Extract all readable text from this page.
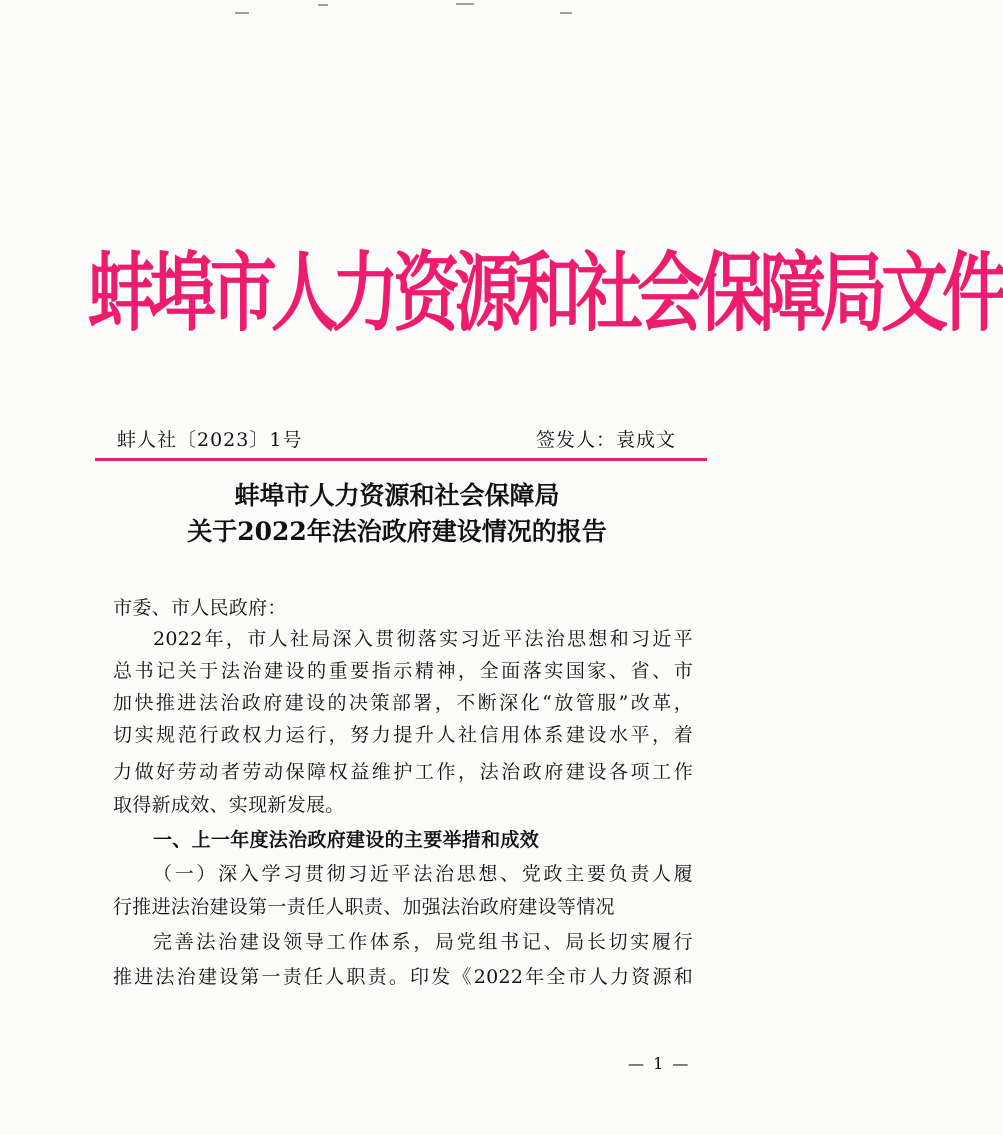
蚌埠市人力资源和社会保障局文件
蚌人社〔2023〕1号	签发人：袁成文
蚌埠市人力资源和社会保障局
关于2022年法治政府建设情况的报告
市委、市人民政府：
2022年，市人社局深入贯彻落实习近平法治思想和习近平
总书记关于法治建设的重要指示精神，全面落实国家、省、市
加快推进法治政府建设的决策部署，不断深化“放管服”改革，
切实规范行政权力运行，努力提升人社信用体系建设水平，着
力做好劳动者劳动保障权益维护工作，法治政府建设各项工作
取得新成效、实现新发展。
一、上一年度法治政府建设的主要举措和成效
（一）深入学习贯彻习近平法治思想、党政主要负责人履
行推进法治建设第一责任人职责、加强法治政府建设等情况
完善法治建设领导工作体系，局党组书记、局长切实履行
推进法治建设第一责任人职责。印发《2022年全市人力资源和
— 1 —
